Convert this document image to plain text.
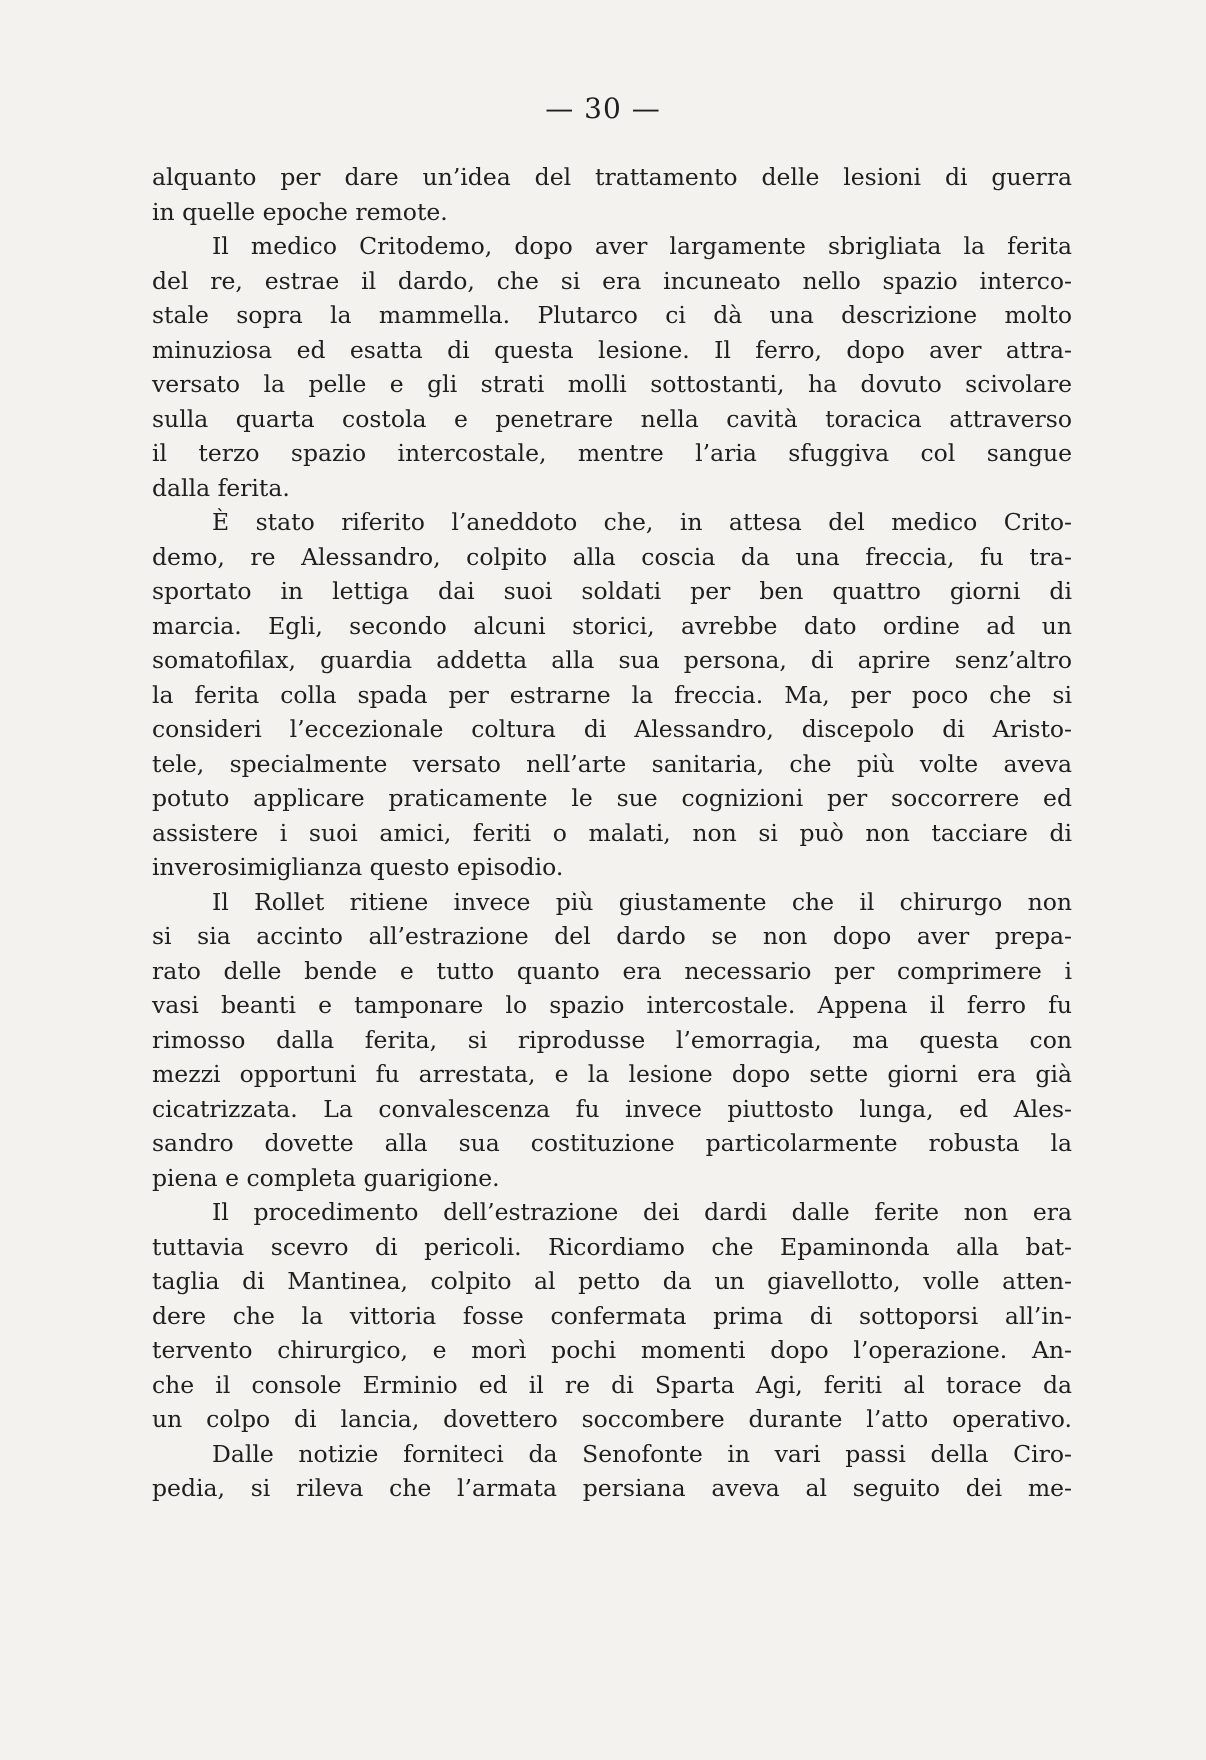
— 30 —
alquanto per dare un’idea del trattamento delle lesioni di guerra
in quelle epoche remote.
Il medico Critodemo, dopo aver largamente sbrigliata la ferita
del re, estrae il dardo, che si era incuneato nello spazio interco-
stale sopra la mammella. Plutarco ci dà una descrizione molto
minuziosa ed esatta di questa lesione. Il ferro, dopo aver attra-
versato la pelle e gli strati molli sottostanti, ha dovuto scivolare
sulla quarta costola e penetrare nella cavità toracica attraverso
il terzo spazio intercostale, mentre l’aria sfuggiva col sangue
dalla ferita.
È stato riferito l’aneddoto che, in attesa del medico Crito-
demo, re Alessandro, colpito alla coscia da una freccia, fu tra-
sportato in lettiga dai suoi soldati per ben quattro giorni di
marcia. Egli, secondo alcuni storici, avrebbe dato ordine ad un
somatofilax, guardia addetta alla sua persona, di aprire senz’altro
la ferita colla spada per estrarne la freccia. Ma, per poco che si
consideri l’eccezionale coltura di Alessandro, discepolo di Aristo-
tele, specialmente versato nell’arte sanitaria, che più volte aveva
potuto applicare praticamente le sue cognizioni per soccorrere ed
assistere i suoi amici, feriti o malati, non si può non tacciare di
inverosimiglianza questo episodio.
Il Rollet ritiene invece più giustamente che il chirurgo non
si sia accinto all’estrazione del dardo se non dopo aver prepa-
rato delle bende e tutto quanto era necessario per comprimere i
vasi beanti e tamponare lo spazio intercostale. Appena il ferro fu
rimosso dalla ferita, si riprodusse l’emorragia, ma questa con
mezzi opportuni fu arrestata, e la lesione dopo sette giorni era già
cicatrizzata. La convalescenza fu invece piuttosto lunga, ed Ales-
sandro dovette alla sua costituzione particolarmente robusta la
piena e completa guarigione.
Il procedimento dell’estrazione dei dardi dalle ferite non era
tuttavia scevro di pericoli. Ricordiamo che Epaminonda alla bat-
taglia di Mantinea, colpito al petto da un giavellotto, volle atten-
dere che la vittoria fosse confermata prima di sottoporsi all’in-
tervento chirurgico, e morì pochi momenti dopo l’operazione. An-
che il console Erminio ed il re di Sparta Agi, feriti al torace da
un colpo di lancia, dovettero soccombere durante l’atto operativo.
Dalle notizie forniteci da Senofonte in vari passi della Ciro-
pedia, si rileva che l’armata persiana aveva al seguito dei me-
